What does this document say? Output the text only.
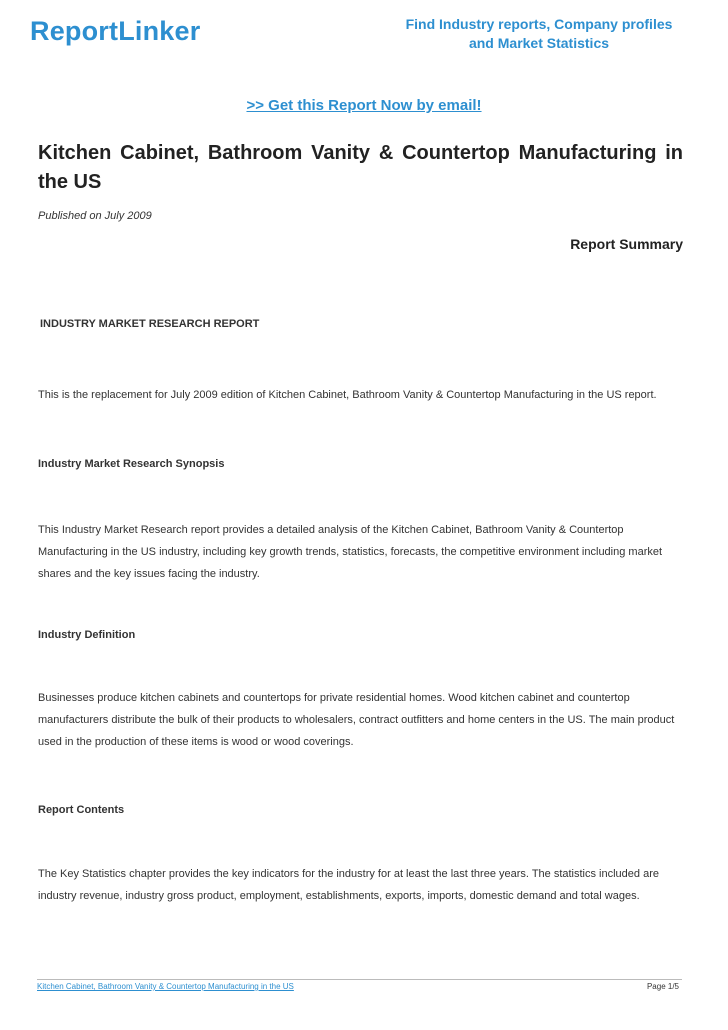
ReportLinker	Find Industry reports, Company profiles
and Market Statistics
>> Get this Report Now by email!
Kitchen Cabinet, Bathroom Vanity & Countertop Manufacturing in the US
Published on July 2009
Report Summary
INDUSTRY MARKET RESEARCH REPORT
This is the replacement for July 2009 edition of Kitchen Cabinet, Bathroom Vanity & Countertop Manufacturing in the US report.
Industry Market Research Synopsis
This Industry Market Research report provides a detailed analysis of the Kitchen Cabinet, Bathroom Vanity & Countertop Manufacturing in the US industry, including key growth trends, statistics, forecasts, the competitive environment including market shares and the key issues facing the industry.
Industry Definition
Businesses produce kitchen cabinets and countertops for private residential homes. Wood kitchen cabinet and countertop manufacturers distribute the bulk of their products to wholesalers, contract outfitters and home centers in the US. The main product used in the production of these items is wood or wood coverings.
Report Contents
The Key Statistics chapter provides the key indicators for the industry for at least the last three years. The statistics included are industry revenue, industry gross product, employment, establishments, exports, imports, domestic demand and total wages.
Kitchen Cabinet, Bathroom Vanity & Countertop Manufacturing in the US	Page 1/5
